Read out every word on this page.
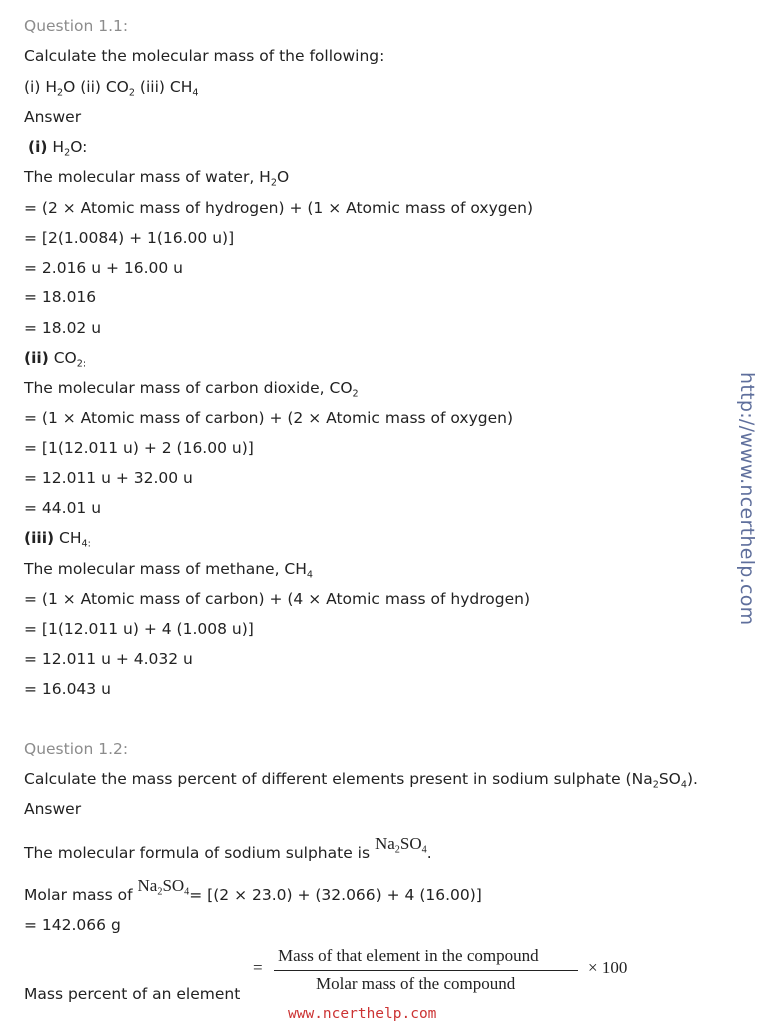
Question 1.1:

Calculate the molecular mass of the following:

(i) $H_2O$ (ii) $CO_2$ (iii) $CH_4$

Answer

(i) $H_2O$:

The molecular mass of water, $H_2O$

= (2 × Atomic mass of hydrogen) + (1 × Atomic mass of oxygen)

= [2(1.0084) + 1(16.00 u)]

= 2.016 u + 16.00 u

= 18.016

= 18.02 u

(ii) $CO_{2:}$

The molecular mass of carbon dioxide, $CO_2$

= (1 × Atomic mass of carbon) + (2 × Atomic mass of oxygen)

= [1(12.011 u) + 2 (16.00 u)]

= 12.011 u + 32.00 u

= 44.01 u

(iii) $CH_{4:}$

The molecular mass of methane, $CH_4$

= (1 × Atomic mass of carbon) + (4 × Atomic mass of hydrogen)

= [1(12.011 u) + 4 (1.008 u)]

= 12.011 u + 4.032 u

= 16.043 u

Question 1.2:

Calculate the mass percent of different elements present in sodium sulphate $(Na_2SO_4)$.

Answer

The molecular formula of sodium sulphate is $Na_2SO_4$.

Molar mass of $Na_2SO_4= [(2 \times 23.0) + (32.066) + 4$ (16.00)]

= 142.066 g

Mass percent of an element

=
Mass of that element in the compound
Molar mass of the compound
× 100
http://www.ncerthelp.com
www.ncerthelp.com
